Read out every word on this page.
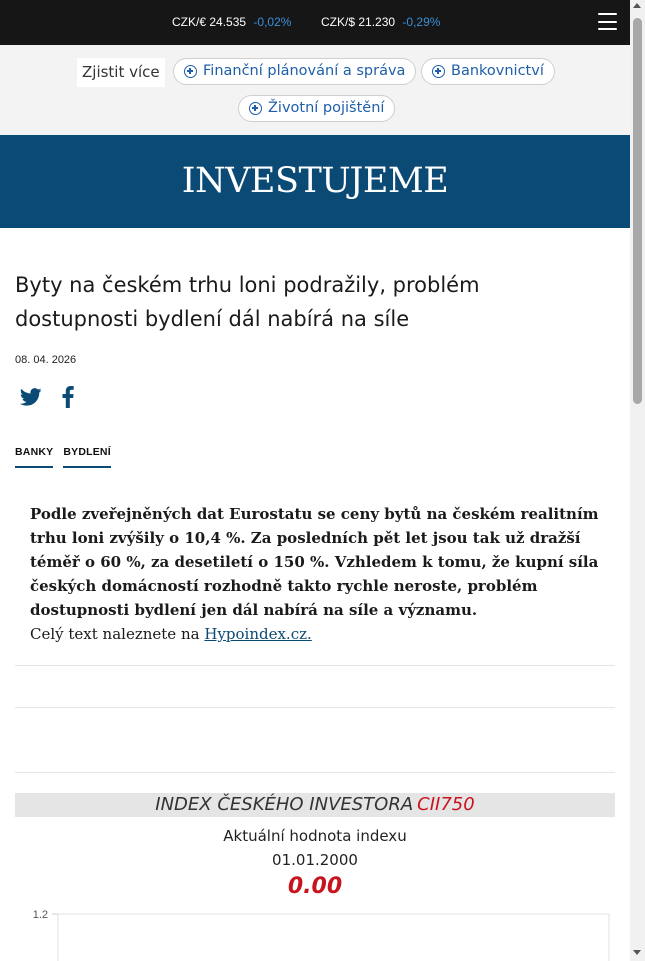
CZK/€ 24.535 -0,02% CZK/$ 21.230 -0,29%
Zjistit více	Finanční plánování a správa	Bankovnictví
Životní pojištění
INVESTUJEME
Byty na českém trhu loni podražily, problém dostupnosti bydlení dál nabírá na síle
08. 04. 2026
BANKY BYDLENÍ

Podle zveřejněných dat Eurostatu se ceny bytů na českém realitním trhu loni zvýšily o 10,4 %. Za posledních pět let jsou tak už dražší téměř o 60 %, za desetiletí o 150 %. Vzhledem k tomu, že kupní síla českých domácností rozhodně takto rychle neroste, problém dostupnosti bydlení jen dál nabírá na síle a významu.

Celý text naleznete na Hypoindex.cz.
INDEX ČESKÉHO INVESTORA CII750
Aktuální hodnota indexu
01.01.2000
0.00
1.2
